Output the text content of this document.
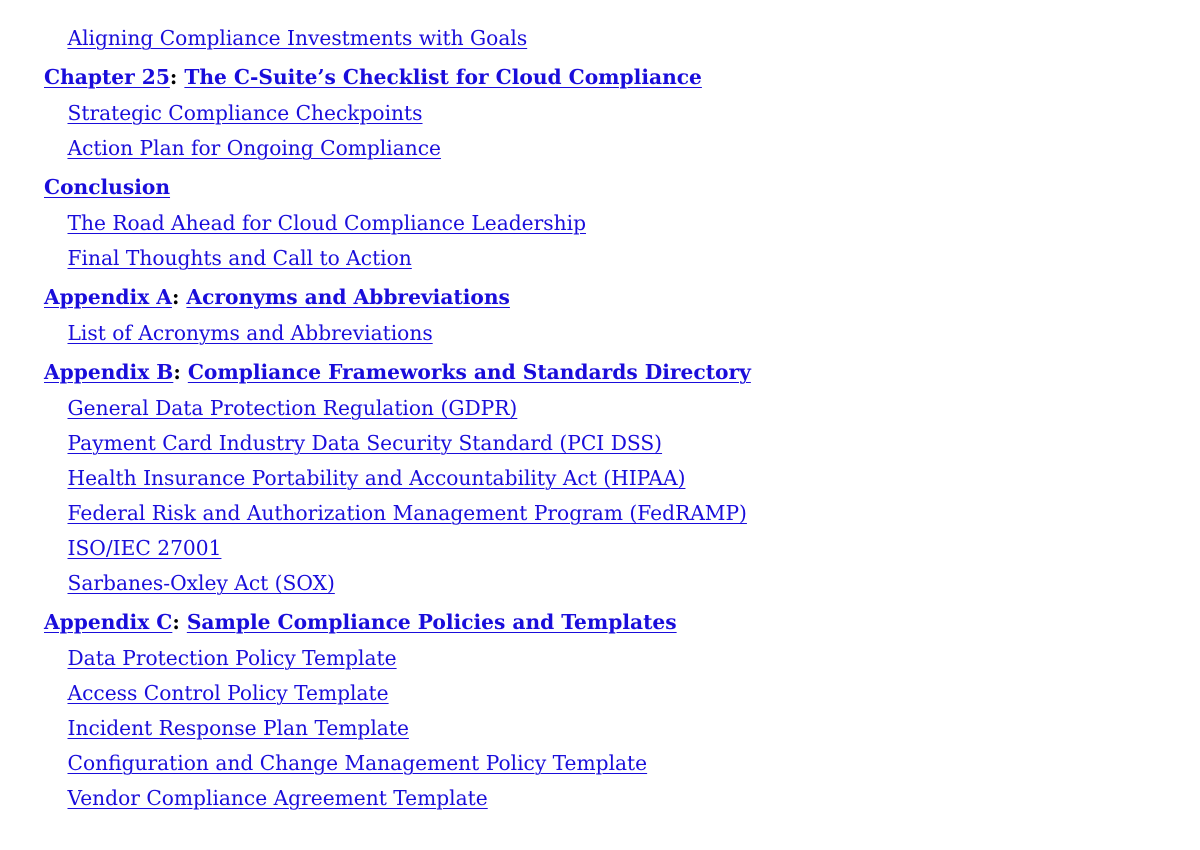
Aligning Compliance Investments with Goals
Chapter 25: The C-Suite’s Checklist for Cloud Compliance
Strategic Compliance Checkpoints
Action Plan for Ongoing Compliance
Conclusion
The Road Ahead for Cloud Compliance Leadership
Final Thoughts and Call to Action
Appendix A: Acronyms and Abbreviations
List of Acronyms and Abbreviations
Appendix B: Compliance Frameworks and Standards Directory
General Data Protection Regulation (GDPR)
Payment Card Industry Data Security Standard (PCI DSS)
Health Insurance Portability and Accountability Act (HIPAA)
Federal Risk and Authorization Management Program (FedRAMP)
ISO/IEC 27001
Sarbanes-Oxley Act (SOX)
Appendix C: Sample Compliance Policies and Templates
Data Protection Policy Template
Access Control Policy Template
Incident Response Plan Template
Configuration and Change Management Policy Template
Vendor Compliance Agreement Template
